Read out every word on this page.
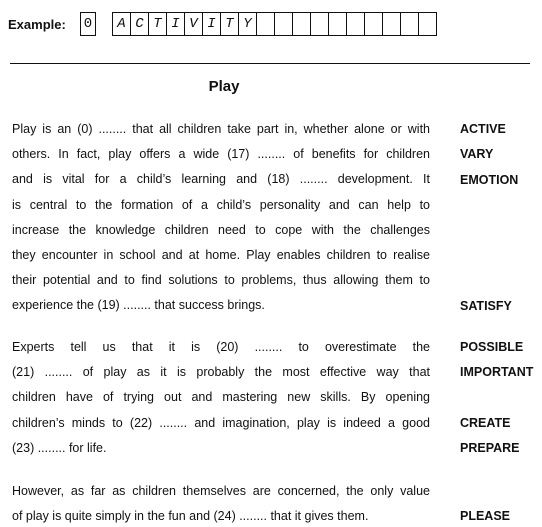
Example:	0	A C T I V I T Y
Play
Play is an (0) ........ that all children take part in, whether alone or with
others. In fact, play offers a wide (17) ........ of benefits for children
and is vital for a child’s learning and (18) ........ development. It
is central to the formation of a child’s personality and can help to
increase the knowledge children need to cope with the challenges
they encounter in school and at home. Play enables children to realise
their potential and to find solutions to problems, thus allowing them to
experience the (19) ........ that success brings.
Experts tell us that it is (20) ........ to overestimate the
(21) ........ of play as it is probably the most effective way that
children have of trying out and mastering new skills. By opening
children’s minds to (22) ........ and imagination, play is indeed a good
(23) ........ for life.
However, as far as children themselves are concerned, the only value
of play is quite simply in the fun and (24) ........ that it gives them.
ACTIVE
VARY
EMOTION
SATISFY
POSSIBLE
IMPORTANT
CREATE
PREPARE
PLEASE
